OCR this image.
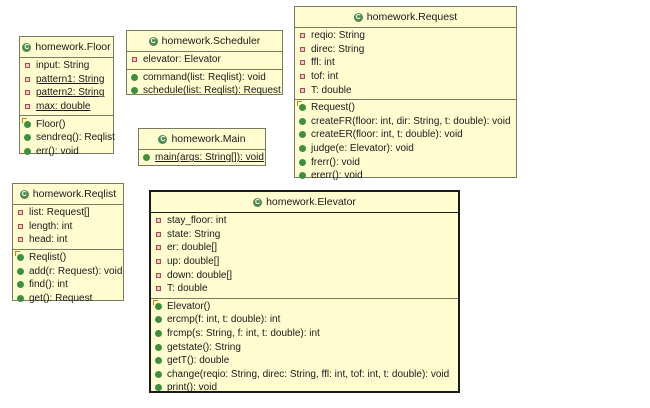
C homework.Floor
input: String
pattern1: String
pattern2: String
max: double
Floor()
sendreq(): Reqlist
err(): void
C homework.Scheduler
elevator: Elevator
command(list: Reqlist): void
schedule(list: Reqlist): Request
C homework.Request
reqio: String
direc: String
ffl: int
tof: int
T: double
Request()
createFR(floor: int, dir: String, t: double): void
createER(floor: int, t: double): void
judge(e: Elevator): void
frerr(): void
ererr(): void
C homework.Main
main(args: String[]): void
C homework.Reqlist
list: Request[]
length: int
head: int
Reqlist()
add(r: Request): void
find(): int
get(): Request
C homework.Elevator
stay_floor: int
state: String
er: double[]
up: double[]
down: double[]
T: double
Elevator()
ercmp(f: int, t: double): int
frcmp(s: String, f: int, t: double): int
getstate(): String
getT(): double
change(reqio: String, direc: String, ffl: int, tof: int, t: double): void
print(): void
